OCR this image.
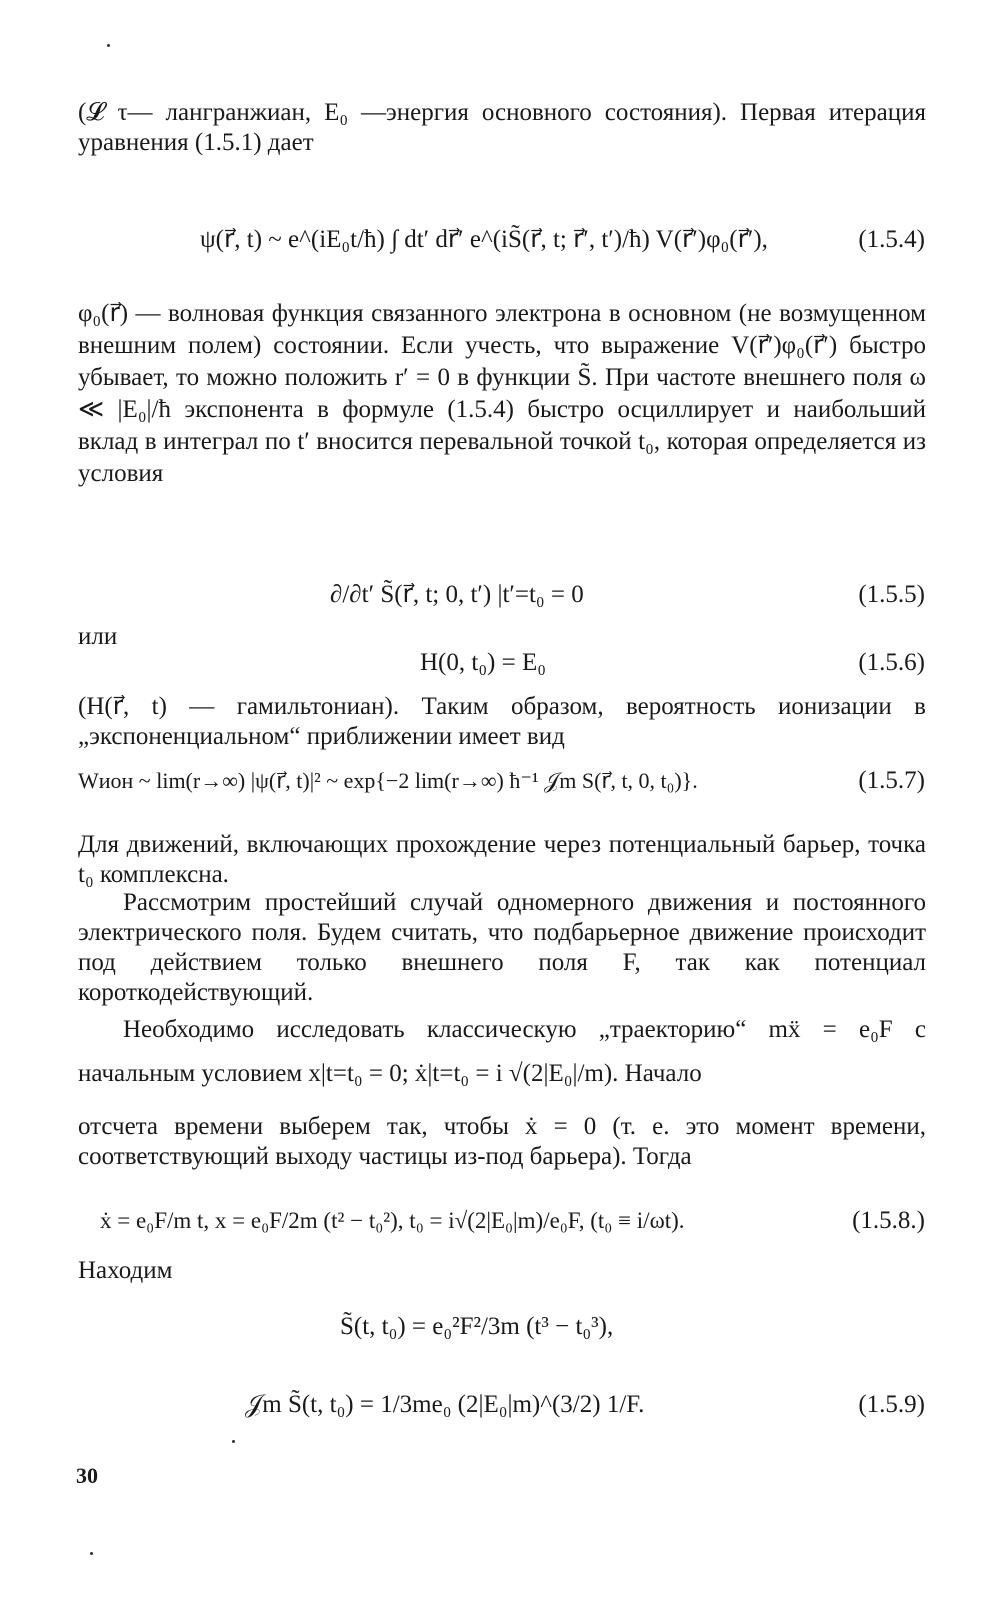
(𝓛 τ— лангранжиан, E₀ —энергия основного состояния). Первая итерация уравнения (1.5.1) дает
ψ(r⃗, t) ~ e^(iE₀t/ħ) ∫ dt′ dr⃗′ e^(iS̃(r⃗, t; r⃗′, t′)/ħ) V(r⃗′)φ₀(r⃗′),	(1.5.4)
φ₀(r⃗) — волновая функция связанного электрона в основном (не возмущенном внешним полем) состоянии. Если учесть, что выражение V(r⃗′)φ₀(r⃗′) быстро убывает, то можно положить r′ = 0 в функции S̃. При частоте внешнего поля ω ≪ |E₀|/ħ экспонента в формуле (1.5.4) быстро осциллирует и наибольший вклад в интеграл по t′ вносится перевальной точкой t₀, которая определяется из условия
∂/∂t′ S̃(r⃗, t; 0, t′) |t′=t₀ = 0	(1.5.5)
или
H(0, t₀) = E₀	(1.5.6)
(H(r⃗, t) — гамильтониан). Таким образом, вероятность ионизации в „экспоненциальном“ приближении имеет вид
Wион ~ lim(r→∞) |ψ(r⃗, t)|² ~ exp{−2 lim(r→∞) ħ⁻¹ 𝒥m S(r⃗, t, 0, t₀)}.	(1.5.7)
Для движений, включающих прохождение через потенциальный барьер, точка t₀ комплексна.
Рассмотрим простейший случай одномерного движения и постоянного электрического поля. Будем считать, что подбарьерное движение происходит под действием только внешнего поля F, так как потенциал короткодействующий.
Необходимо исследовать классическую „траекторию“ mẍ = e₀F с начальным условием x|t=t₀ = 0; ẋ|t=t₀ = i √(2|E₀|/m). Начало
отсчета времени выберем так, чтобы ẋ = 0 (т. е. это момент времени, соответствующий выходу частицы из-под барьера). Тогда
ẋ = e₀F/m t, x = e₀F/2m (t² − t₀²), t₀ = i√(2|E₀|m)/e₀F, (t₀ ≡ i/ωt).	(1.5.8.)
Находим
S̃(t, t₀) = e₀²F²/3m (t³ − t₀³),
𝒥m S̃(t, t₀) = 1/3me₀ (2|E₀|m)^(3/2) 1/F.	(1.5.9)
30
